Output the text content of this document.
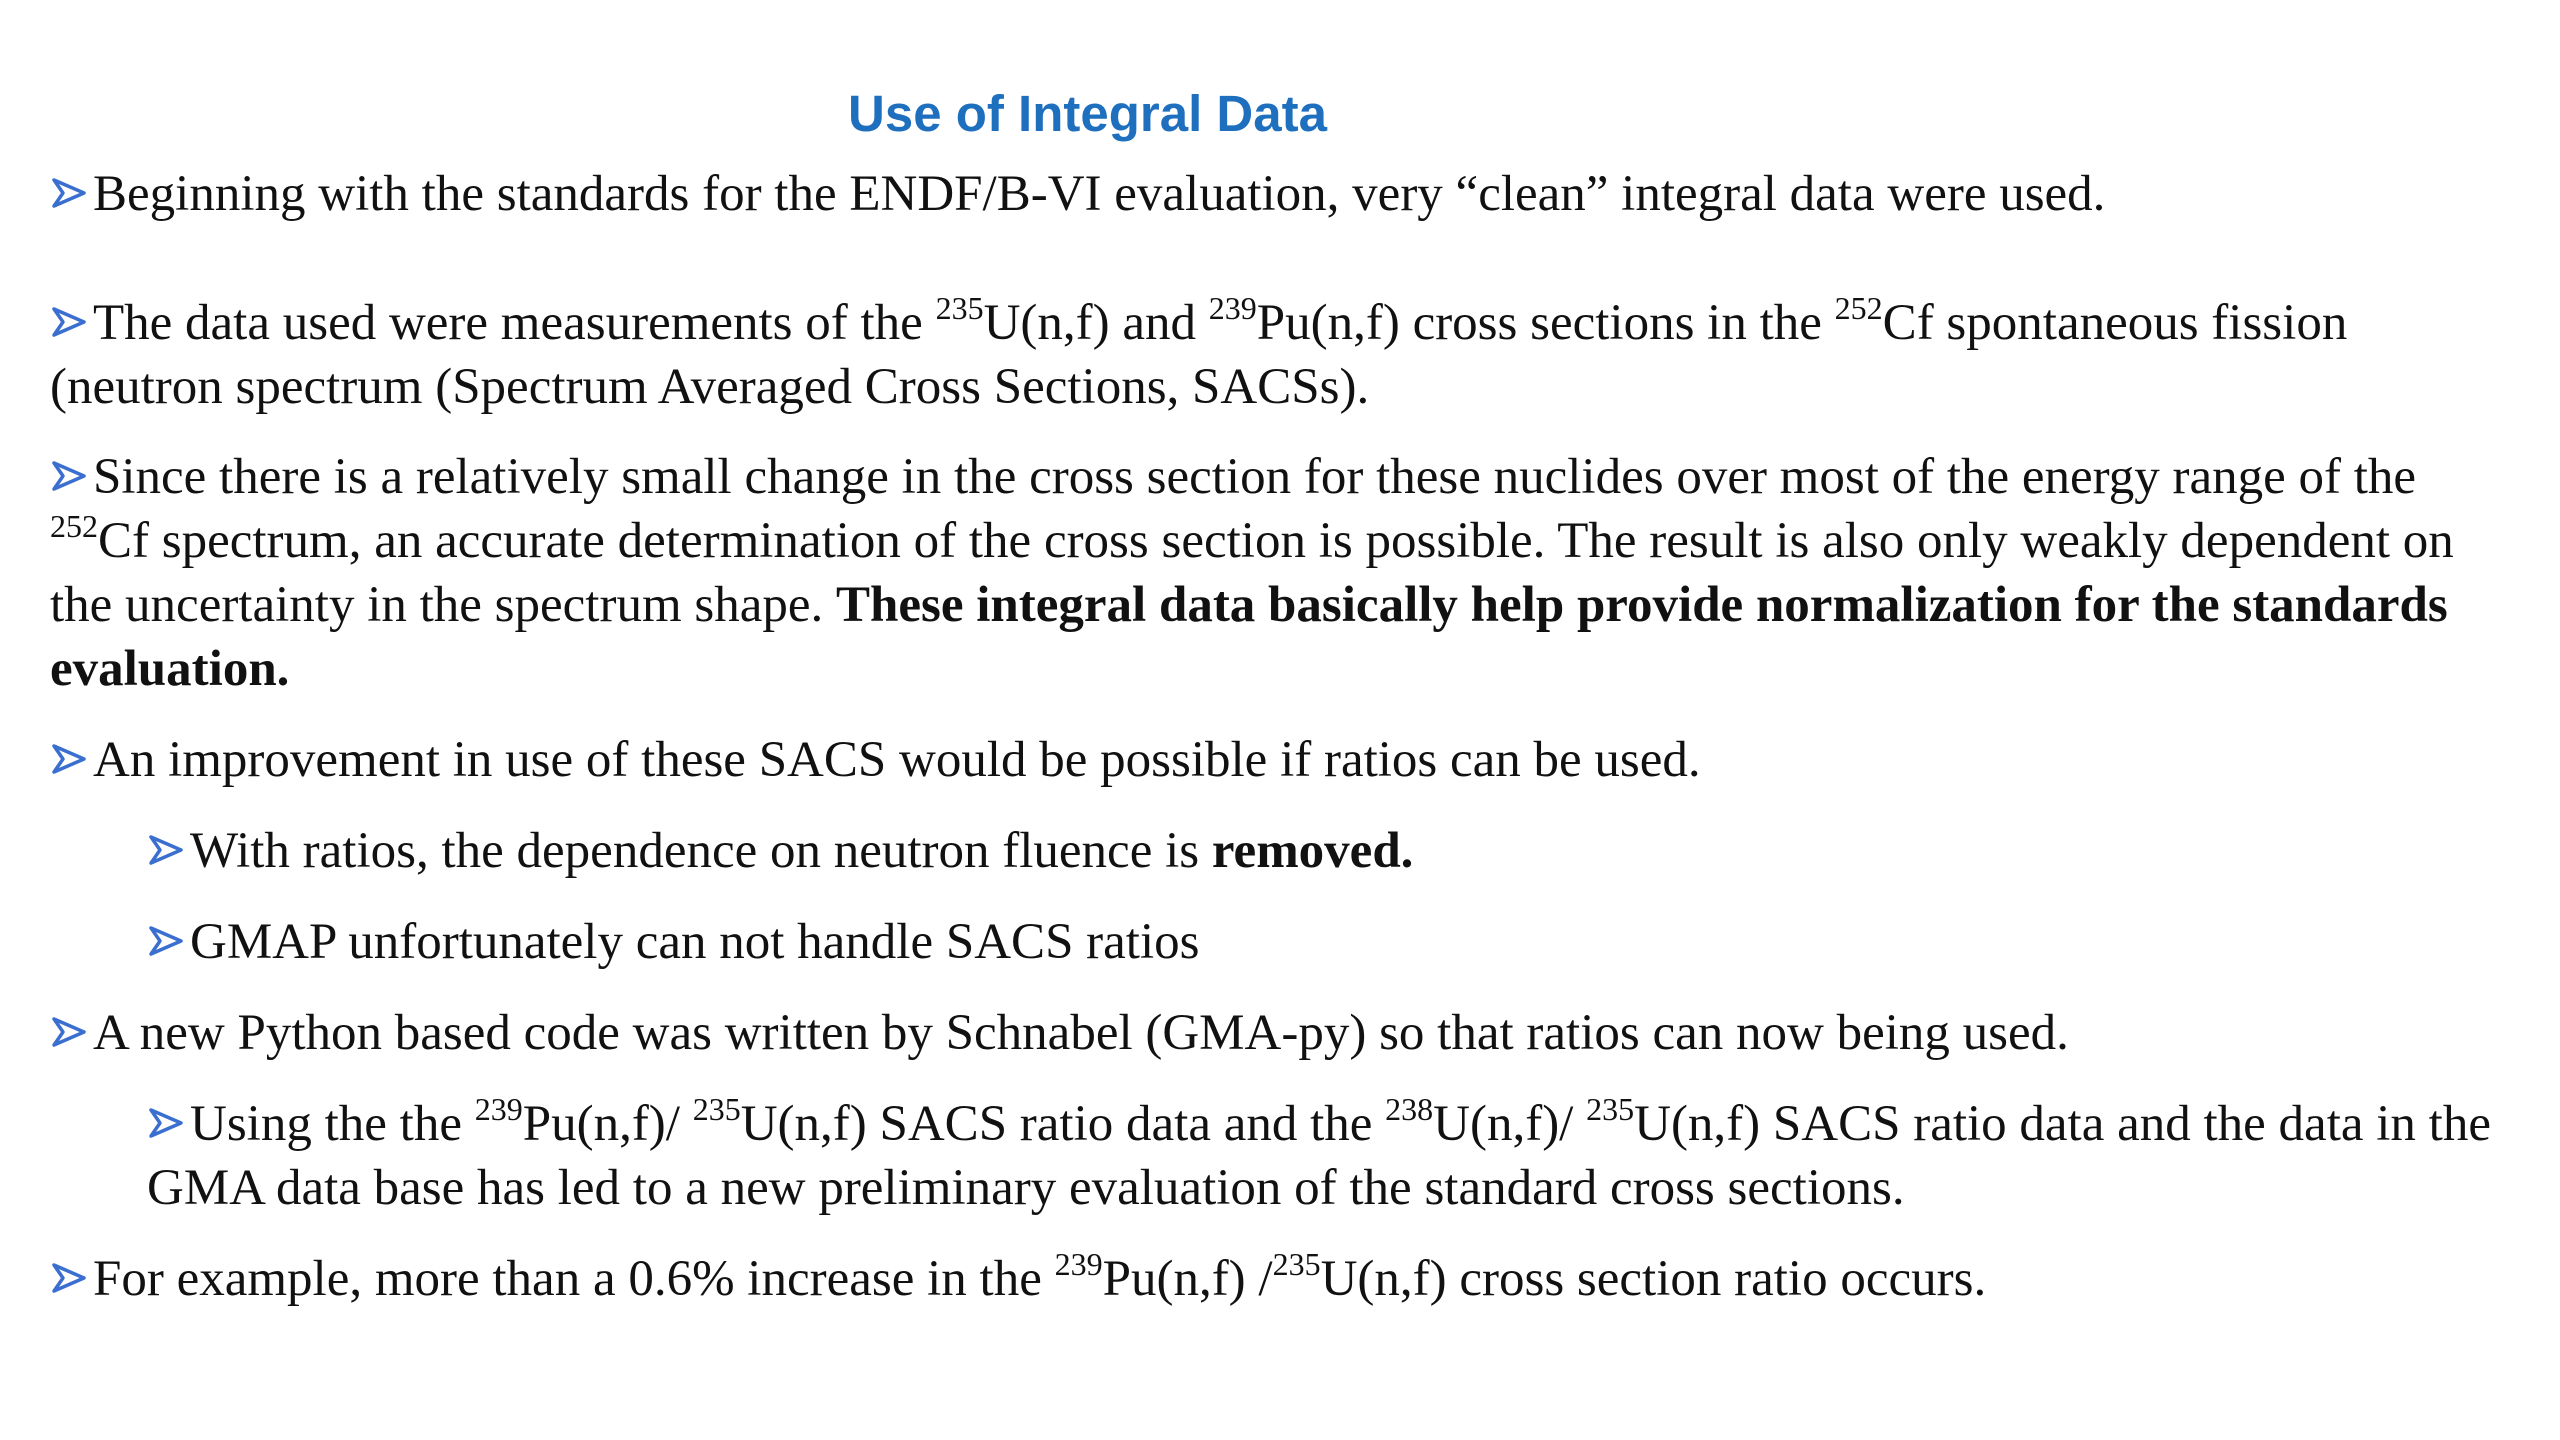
Use of Integral Data

Beginning with the standards for the ENDF/B-VI evaluation, very “clean” integral data were used.

The data used were measurements of the $^{235}$U(n,f) and $^{239}$Pu(n,f) cross sections in the $^{252}$Cf spontaneous fission (neutron spectrum (Spectrum Averaged Cross Sections, SACSs).

Since there is a relatively small change in the cross section for these nuclides over most of the energy range of the $^{252}$Cf spectrum, an accurate determination of the cross section is possible. The result is also only weakly dependent on the uncertainty in the spectrum shape. These integral data basically help provide normalization for the standards evaluation.

An improvement in use of these SACS would be possible if ratios can be used.

With ratios, the dependence on neutron fluence is removed.

GMAP unfortunately can not handle SACS ratios

A new Python based code was written by Schnabel (GMA-py) so that ratios can now being used.

Using the the $^{239}$Pu(n,f)/ $^{235}$U(n,f) SACS ratio data and the $^{238}$U(n,f)/ $^{235}$U(n,f) SACS ratio data and the data in the GMA data base has led to a new preliminary evaluation of the standard cross sections.

For example, more than a 0.6% increase in the $^{239}$Pu(n,f) /$^{235}$U(n,f) cross section ratio occurs.
